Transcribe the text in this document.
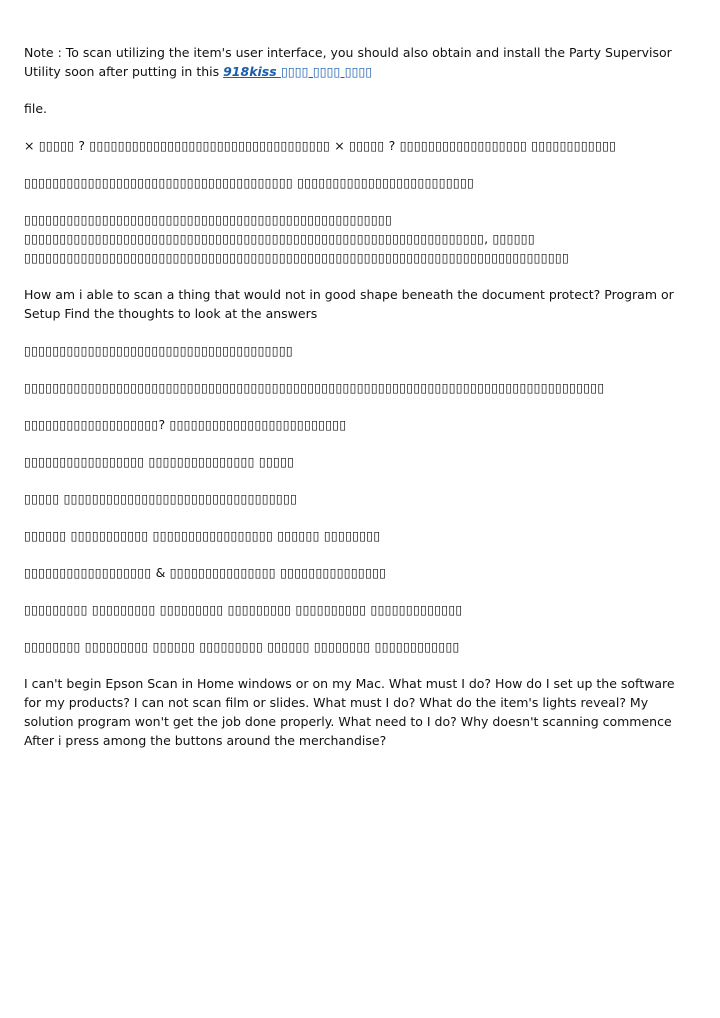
Note : To scan utilizing the item's user interface, you should also obtain and install the Party Supervisor Utility soon after putting in this 918kiss ▯▯▯▯ ▯▯▯▯ ▯▯▯▯

file.

× ▯▯▯▯▯ ? ▯▯▯▯▯▯▯▯▯▯▯▯▯▯▯▯▯▯▯▯▯▯▯▯▯▯▯▯▯▯▯▯▯▯ × ▯▯▯▯▯ ? ▯▯▯▯▯▯▯▯▯▯▯▯▯▯▯▯▯▯ ▯▯▯▯▯▯▯▯▯▯▯▯

▯▯▯▯▯▯▯▯▯▯▯▯▯▯▯▯▯▯▯▯▯▯▯▯▯▯▯▯▯▯▯▯▯▯▯▯▯▯ ▯▯▯▯▯▯▯▯▯▯▯▯▯▯▯▯▯▯▯▯▯▯▯▯▯

▯▯▯▯▯▯▯▯▯▯▯▯▯▯▯▯▯▯▯▯▯▯▯▯▯▯▯▯▯▯▯▯▯▯▯▯▯▯▯▯▯▯▯▯▯▯▯▯▯▯▯▯ ▯▯▯▯▯▯▯▯▯▯▯▯▯▯▯▯▯▯▯▯▯▯▯▯▯▯▯▯▯▯▯▯▯▯▯▯▯▯▯▯▯▯▯▯▯▯▯▯▯▯▯▯▯▯▯▯▯▯▯▯▯▯▯▯▯, ▯▯▯▯▯▯ ▯▯▯▯▯▯▯▯▯▯▯▯▯▯▯▯▯▯▯▯▯▯▯▯▯▯▯▯▯▯▯▯▯▯▯▯▯▯▯▯▯▯▯▯▯▯▯▯▯▯▯▯▯▯▯▯▯▯▯▯▯▯▯▯▯▯▯▯▯▯▯▯▯▯▯▯▯

How am i able to scan a thing that would not in good shape beneath the document protect? Program or Setup Find the thoughts to look at the answers

▯▯▯▯▯▯▯▯▯▯▯▯▯▯▯▯▯▯▯▯▯▯▯▯▯▯▯▯▯▯▯▯▯▯▯▯▯▯

▯▯▯▯▯▯▯▯▯▯▯▯▯▯▯▯▯▯▯▯▯▯▯▯▯▯▯▯▯▯▯▯▯▯▯▯▯▯▯▯▯▯▯▯▯▯▯▯▯▯▯▯▯▯▯▯▯▯▯▯▯▯▯▯▯▯▯▯▯▯▯▯▯▯▯▯▯▯▯▯▯▯

▯▯▯▯▯▯▯▯▯▯▯▯▯▯▯▯▯▯▯? ▯▯▯▯▯▯▯▯▯▯▯▯▯▯▯▯▯▯▯▯▯▯▯▯▯

▯▯▯▯▯▯▯▯▯▯▯▯▯▯▯▯▯ ▯▯▯▯▯▯▯▯▯▯▯▯▯▯▯ ▯▯▯▯▯

▯▯▯▯▯ ▯▯▯▯▯▯▯▯▯▯▯▯▯▯▯▯▯▯▯▯▯▯▯▯▯▯▯▯▯▯▯▯▯

▯▯▯▯▯▯ ▯▯▯▯▯▯▯▯▯▯▯ ▯▯▯▯▯▯▯▯▯▯▯▯▯▯▯▯▯ ▯▯▯▯▯▯ ▯▯▯▯▯▯▯▯

▯▯▯▯▯▯▯▯▯▯▯▯▯▯▯▯▯▯ & ▯▯▯▯▯▯▯▯▯▯▯▯▯▯▯ ▯▯▯▯▯▯▯▯▯▯▯▯▯▯▯

▯▯▯▯▯▯▯▯▯ ▯▯▯▯▯▯▯▯▯ ▯▯▯▯▯▯▯▯▯ ▯▯▯▯▯▯▯▯▯ ▯▯▯▯▯▯▯▯▯▯ ▯▯▯▯▯▯▯▯▯▯▯▯▯

▯▯▯▯▯▯▯▯ ▯▯▯▯▯▯▯▯▯ ▯▯▯▯▯▯ ▯▯▯▯▯▯▯▯▯ ▯▯▯▯▯▯ ▯▯▯▯▯▯▯▯ ▯▯▯▯▯▯▯▯▯▯▯▯

I can't begin Epson Scan in Home windows or on my Mac. What must I do? How do I set up the software for my products? I can not scan film or slides. What must I do? What do the item's lights reveal? My solution program won't get the job done properly. What need to I do? Why doesn't scanning commence After i press among the buttons around the merchandise?
